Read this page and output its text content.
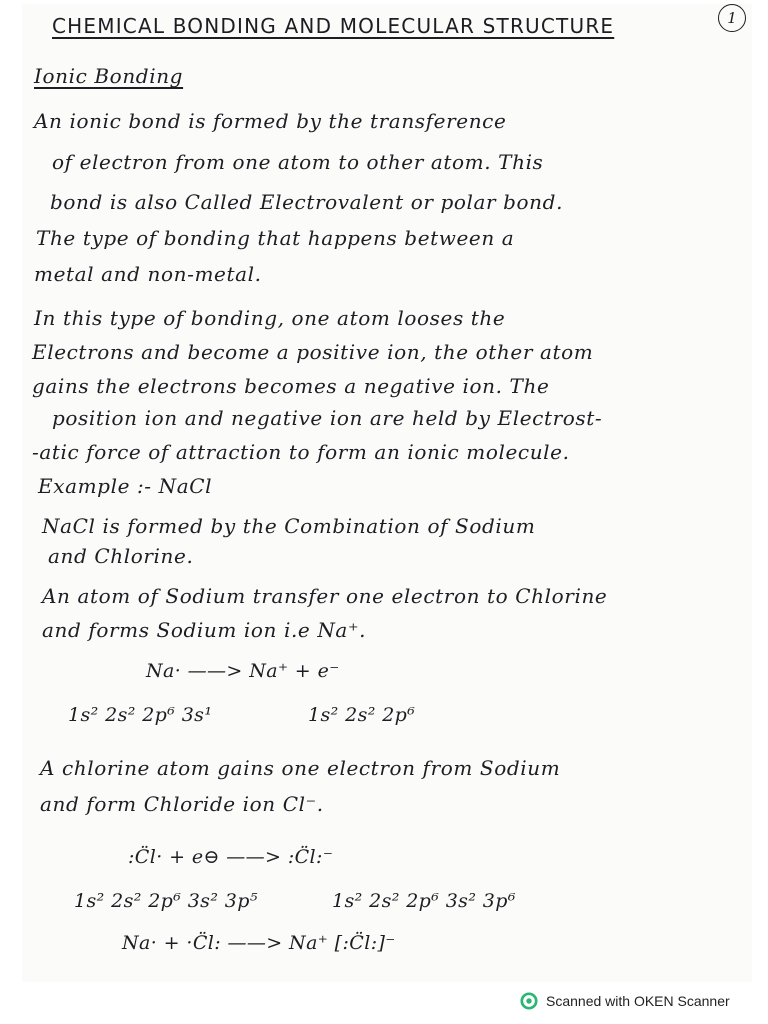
CHEMICAL BONDING AND MOLECULAR STRUCTURE	1
Ionic Bonding
An ionic bond is formed by the transference
of electron from one atom to other atom. This
bond is also Called Electrovalent or polar bond.
The type of bonding that happens between a
metal and non-metal.
In this type of bonding, one atom looses the
Electrons and become a positive ion, the other atom
gains the electrons becomes a negative ion. The
position ion and negative ion are held by Electrost-
-atic force of attraction to form an ionic molecule.
Example :- NaCl
NaCl is formed by the Combination of Sodium
and Chlorine.
An atom of Sodium transfer one electron to Chlorine
and forms Sodium ion i.e Na⁺.
Na· ——> Na⁺ + e⁻
1s² 2s² 2p⁶ 3s¹	1s² 2s² 2p⁶
A chlorine atom gains one electron from Sodium
and form Chloride ion Cl⁻.
:C̈l· + e⊖ ——> :C̈l:⁻
1s² 2s² 2p⁶ 3s² 3p⁵	1s² 2s² 2p⁶ 3s² 3p⁶
Na· + ·C̈l: ——> Na⁺ [:C̈l:]⁻
Scanned with OKEN Scanner
